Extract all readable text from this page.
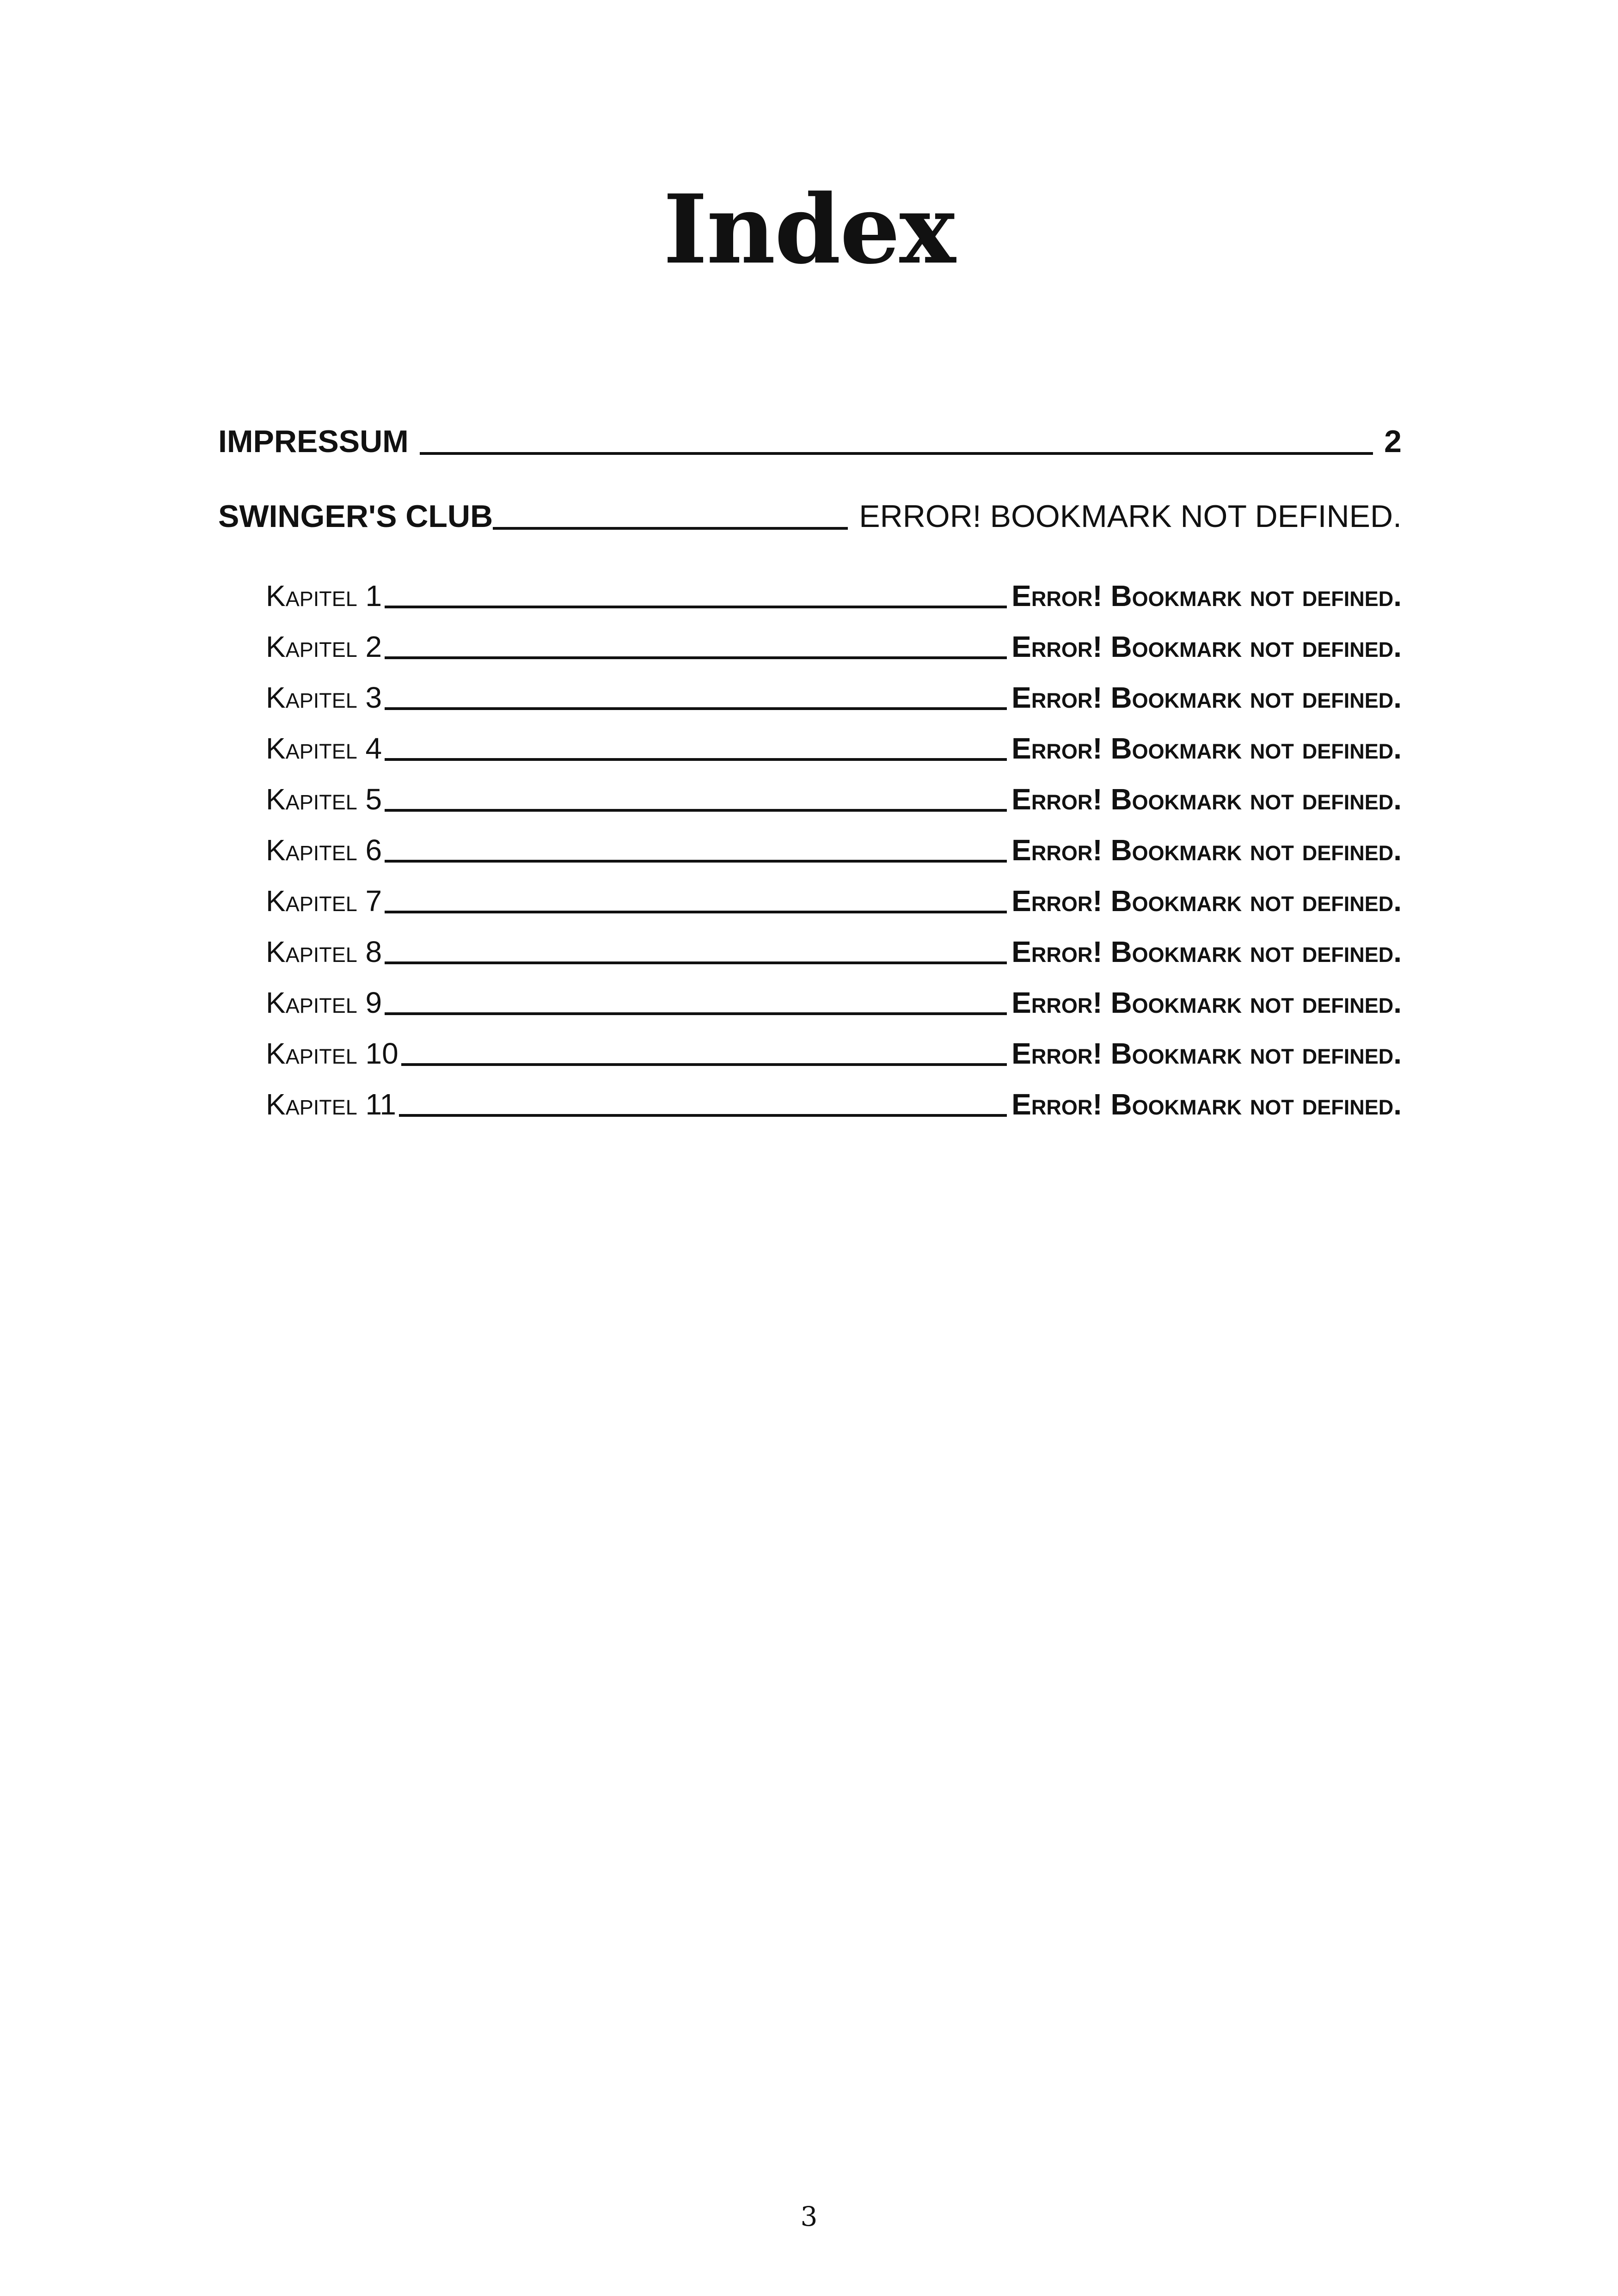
Index
IMPRESSUM	2
SWINGER'S CLUB	ERROR! BOOKMARK NOT DEFINED.
Kapitel 1	Error! Bookmark not defined.
Kapitel 2	Error! Bookmark not defined.
Kapitel 3	Error! Bookmark not defined.
Kapitel 4	Error! Bookmark not defined.
Kapitel 5	Error! Bookmark not defined.
Kapitel 6	Error! Bookmark not defined.
Kapitel 7	Error! Bookmark not defined.
Kapitel 8	Error! Bookmark not defined.
Kapitel 9	Error! Bookmark not defined.
Kapitel 10	Error! Bookmark not defined.
Kapitel 11	Error! Bookmark not defined.
3
